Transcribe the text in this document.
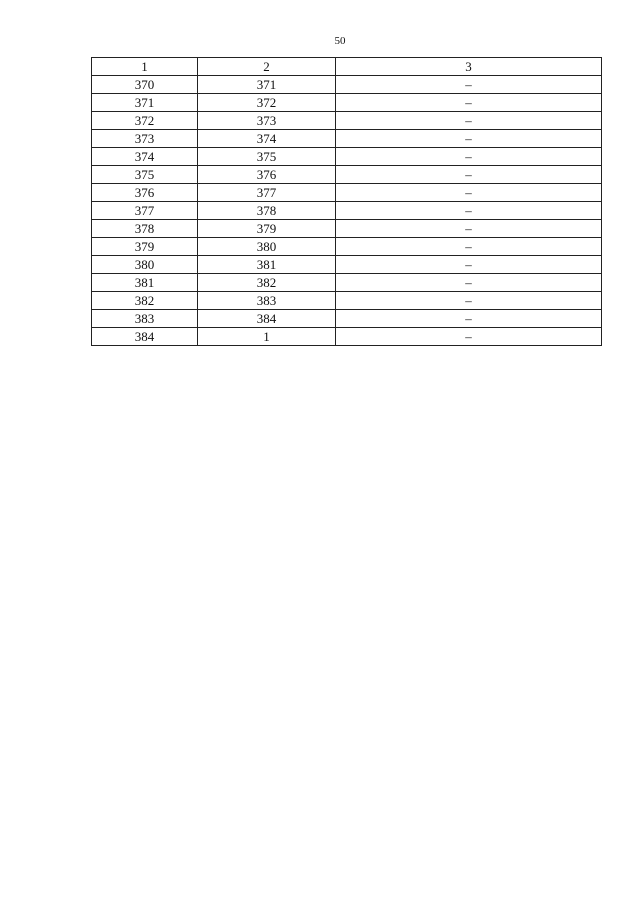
50
1	2	3
370	371	–
371	372	–
372	373	–
373	374	–
374	375	–
375	376	–
376	377	–
377	378	–
378	379	–
379	380	–
380	381	–
381	382	–
382	383	–
383	384	–
384	1	–
